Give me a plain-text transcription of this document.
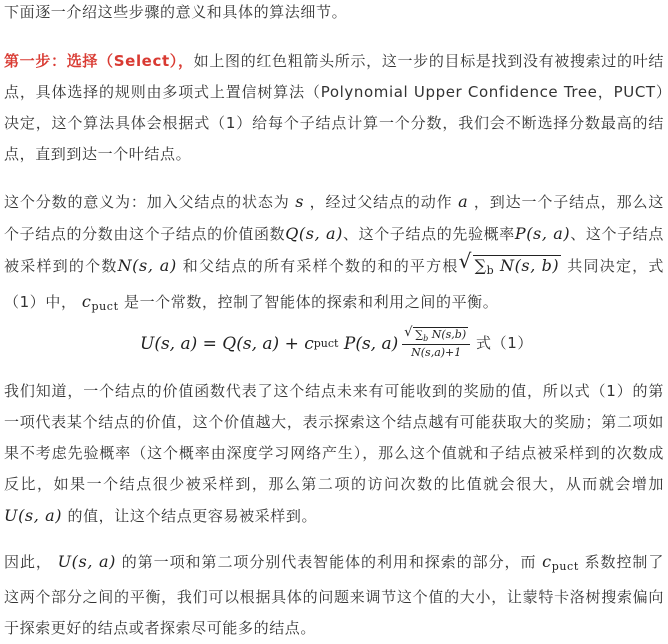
下面逐一介绍这些步骤的意义和具体的算法细节。

第一步：选择（Select），如上图的红色粗箭头所示，这一步的目标是找到没有被搜索过的叶结点，具体选择的规则由多项式上置信树算法（Polynomial Upper Confidence Tree，PUCT）决定，这个算法具体会根据式（1）给每个子结点计算一个分数，我们会不断选择分数最高的结点，直到到达一个叶结点。

这个分数的意义为：加入父结点的状态为 s ，经过父结点的动作 a ，到达一个子结点，那么这个子结点的分数由这个子结点的价值函数Q(s, a)、这个子结点的先验概率P(s, a)、这个子结点被采样到的个数N(s, a) 和父结点的所有采样个数的和的平方根 √ $\sum_b$ N(s, b) 共同决定，式（1）中， $c_{puct}$ 是一个常数，控制了智能体的探索和利用之间的平衡。

U(s, a) = Q(s, a) + c puct P(s, $a) \frac{√ \sum_b N(s,b)}{N(s,a)+1}$ 式（1）

我们知道，一个结点的价值函数代表了这个结点未来有可能收到的奖励的值，所以式（1）的第一项代表某个结点的价值，这个价值越大，表示探索这个结点越有可能获取大的奖励；第二项如果不考虑先验概率（这个概率由深度学习网络产生），那么这个值就和子结点被采样到的次数成反比，如果一个结点很少被采样到，那么第二项的访问次数的比值就会很大，从而就会增加 U(s, a) 的值，让这个结点更容易被采样到。

因此， U(s, a) 的第一项和第二项分别代表智能体的利用和探索的部分，而 $c_{puct}$ 系数控制了这两个部分之间的平衡，我们可以根据具体的问题来调节这个值的大小，让蒙特卡洛树搜索偏向于探索更好的结点或者探索尽可能多的结点。
